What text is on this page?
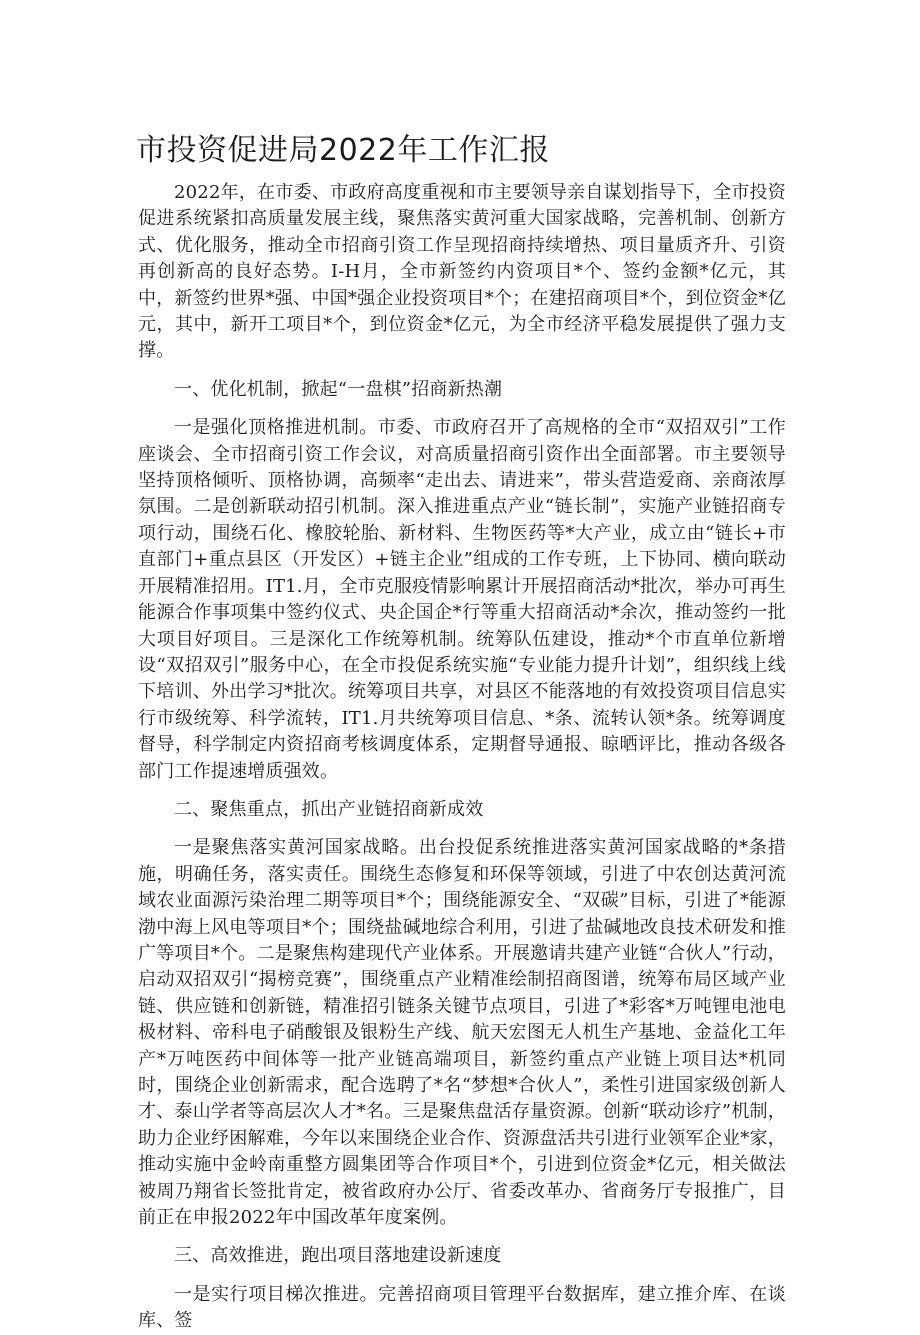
市投资促进局2022年工作汇报

2022年，在市委、市政府高度重视和市主要领导亲自谋划指导下，全市投资促进系统紧扣高质量发展主线，聚焦落实黄河重大国家战略，完善机制、创新方式、优化服务，推动全市招商引资工作呈现招商持续增热、项目量质齐升、引资再创新高的良好态势。I-H月，全市新签约内资项目*个、签约金额*亿元，其中，新签约世界*强、中国*强企业投资项目*个；在建招商项目*个，到位资金*亿元，其中，新开工项目*个，到位资金*亿元，为全市经济平稳发展提供了强力支撑。

一、优化机制，掀起“一盘棋”招商新热潮

一是强化顶格推进机制。市委、市政府召开了高规格的全市“双招双引”工作座谈会、全市招商引资工作会议，对高质量招商引资作出全面部署。市主要领导坚持顶格倾听、顶格协调，高频率“走出去、请进来”，带头营造爱商、亲商浓厚氛围。二是创新联动招引机制。深入推进重点产业“链长制”，实施产业链招商专项行动，围绕石化、橡胶轮胎、新材料、生物医药等*大产业，成立由“链长+市直部门+重点县区（开发区）+链主企业”组成的工作专班，上下协同、横向联动开展精准招用。IT1.月，全市克服疫情影响累计开展招商活动*批次，举办可再生能源合作事项集中签约仪式、央企国企*行等重大招商活动*余次，推动签约一批大项目好项目。三是深化工作统筹机制。统筹队伍建设，推动*个市直单位新增设“双招双引”服务中心，在全市投促系统实施“专业能力提升计划”，组织线上线下培训、外出学习*批次。统筹项目共享，对县区不能落地的有效投资项目信息实行市级统筹、科学流转，IT1.月共统筹项目信息、*条、流转认领*条。统筹调度督导，科学制定内资招商考核调度体系，定期督导通报、晾晒评比，推动各级各部门工作提速增质强效。

二、聚焦重点，抓出产业链招商新成效

一是聚焦落实黄河国家战略。出台投促系统推进落实黄河国家战略的*条措施，明确任务，落实责任。围绕生态修复和环保等领域，引进了中农创达黄河流域农业面源污染治理二期等项目*个；围绕能源安全、“双碳”目标，引进了*能源渤中海上风电等项目*个；围绕盐碱地综合利用，引进了盐碱地改良技术研发和推广等项目*个。二是聚焦构建现代产业体系。开展邀请共建产业链“合伙人”行动，启动双招双引“揭榜竞赛”，围绕重点产业精准绘制招商图谱，统筹布局区域产业链、供应链和创新链，精准招引链条关键节点项目，引进了*彩客*万吨锂电池电极材料、帝科电子硝酸银及银粉生产线、航天宏图无人机生产基地、金益化工年产*万吨医药中间体等一批产业链高端项目，新签约重点产业链上项目达*机同时，围绕企业创新需求，配合选聘了*名“梦想*合伙人”，柔性引进国家级创新人才、泰山学者等高层次人才*名。三是聚焦盘活存量资源。创新“联动诊疗”机制，助力企业纾困解难，今年以来围绕企业合作、资源盘活共引进行业领军企业*家，推动实施中金岭南重整方圆集团等合作项目*个，引进到位资金*亿元，相关做法被周乃翔省长签批肯定，被省政府办公厅、省委改革办、省商务厅专报推广，目前正在申报2022年中国改革年度案例。

三、高效推进，跑出项目落地建设新速度

一是实行项目梯次推进。完善招商项目管理平台数据库，建立推介库、在谈库、签
